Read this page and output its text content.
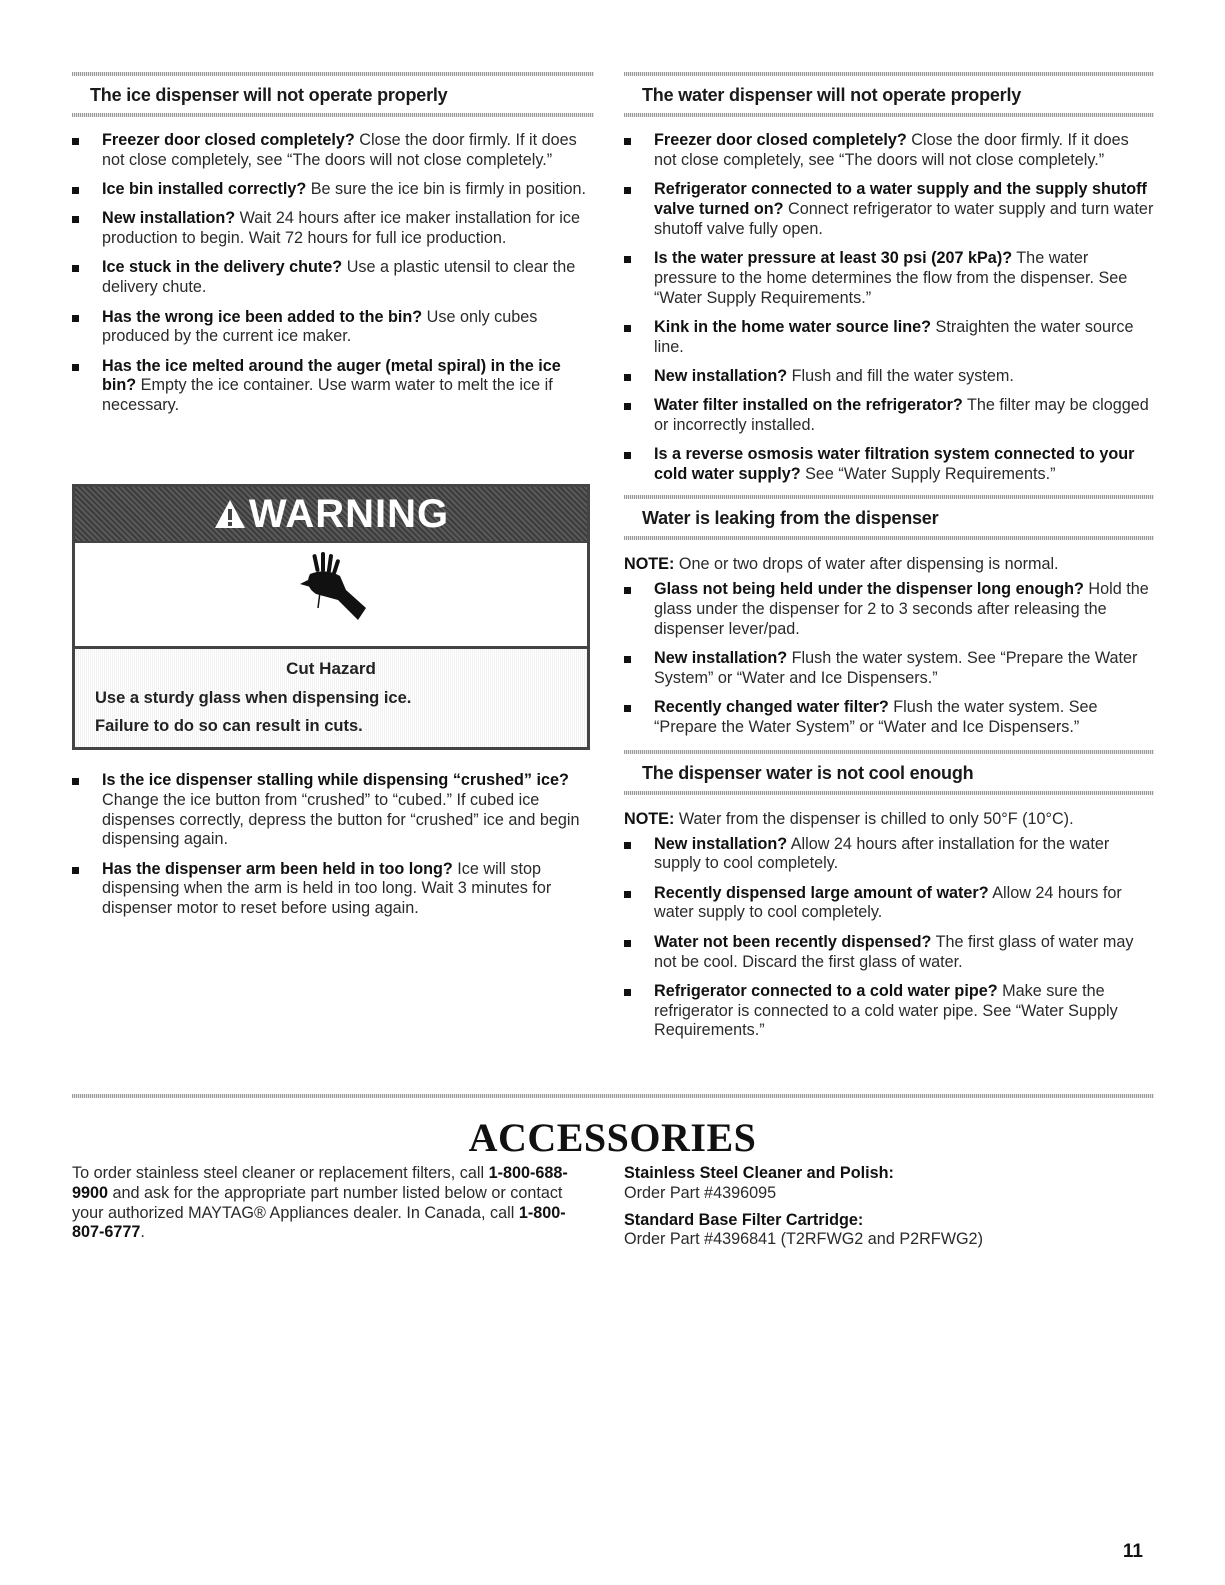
The ice dispenser will not operate properly
Freezer door closed completely? Close the door firmly. If it does not close completely, see “The doors will not close completely.”
Ice bin installed correctly? Be sure the ice bin is firmly in position.
New installation? Wait 24 hours after ice maker installation for ice production to begin. Wait 72 hours for full ice production.
Ice stuck in the delivery chute? Use a plastic utensil to clear the delivery chute.
Has the wrong ice been added to the bin? Use only cubes produced by the current ice maker.
Has the ice melted around the auger (metal spiral) in the ice bin? Empty the ice container. Use warm water to melt the ice if necessary.
WARNING
Cut Hazard
Use a sturdy glass when dispensing ice.
Failure to do so can result in cuts.
Is the ice dispenser stalling while dispensing “crushed” ice? Change the ice button from “crushed” to “cubed.” If cubed ice dispenses correctly, depress the button for “crushed” ice and begin dispensing again.
Has the dispenser arm been held in too long? Ice will stop dispensing when the arm is held in too long. Wait 3 minutes for dispenser motor to reset before using again.
The water dispenser will not operate properly
Freezer door closed completely? Close the door firmly. If it does not close completely, see “The doors will not close completely.”
Refrigerator connected to a water supply and the supply shutoff valve turned on? Connect refrigerator to water supply and turn water shutoff valve fully open.
Is the water pressure at least 30 psi (207 kPa)? The water pressure to the home determines the flow from the dispenser. See “Water Supply Requirements.”
Kink in the home water source line? Straighten the water source line.
New installation? Flush and fill the water system.
Water filter installed on the refrigerator? The filter may be clogged or incorrectly installed.
Is a reverse osmosis water filtration system connected to your cold water supply? See “Water Supply Requirements.”
Water is leaking from the dispenser

NOTE: One or two drops of water after dispensing is normal.

Glass not being held under the dispenser long enough? Hold the glass under the dispenser for 2 to 3 seconds after releasing the dispenser lever/pad.
New installation? Flush the water system. See “Prepare the Water System” or “Water and Ice Dispensers.”
Recently changed water filter? Flush the water system. See “Prepare the Water System” or “Water and Ice Dispensers.”
The dispenser water is not cool enough

NOTE: Water from the dispenser is chilled to only 50°F (10°C).

New installation? Allow 24 hours after installation for the water supply to cool completely.
Recently dispensed large amount of water? Allow 24 hours for water supply to cool completely.
Water not been recently dispensed? The first glass of water may not be cool. Discard the first glass of water.
Refrigerator connected to a cold water pipe? Make sure the refrigerator is connected to a cold water pipe. See “Water Supply Requirements.”
ACCESSORIES
To order stainless steel cleaner or replacement filters, call 1-800-688-9900 and ask for the appropriate part number listed below or contact your authorized MAYTAG® Appliances dealer. In Canada, call 1-800-807-6777.
Stainless Steel Cleaner and Polish:
Order Part #4396095
Standard Base Filter Cartridge:
Order Part #4396841 (T2RFWG2 and P2RFWG2)
11
